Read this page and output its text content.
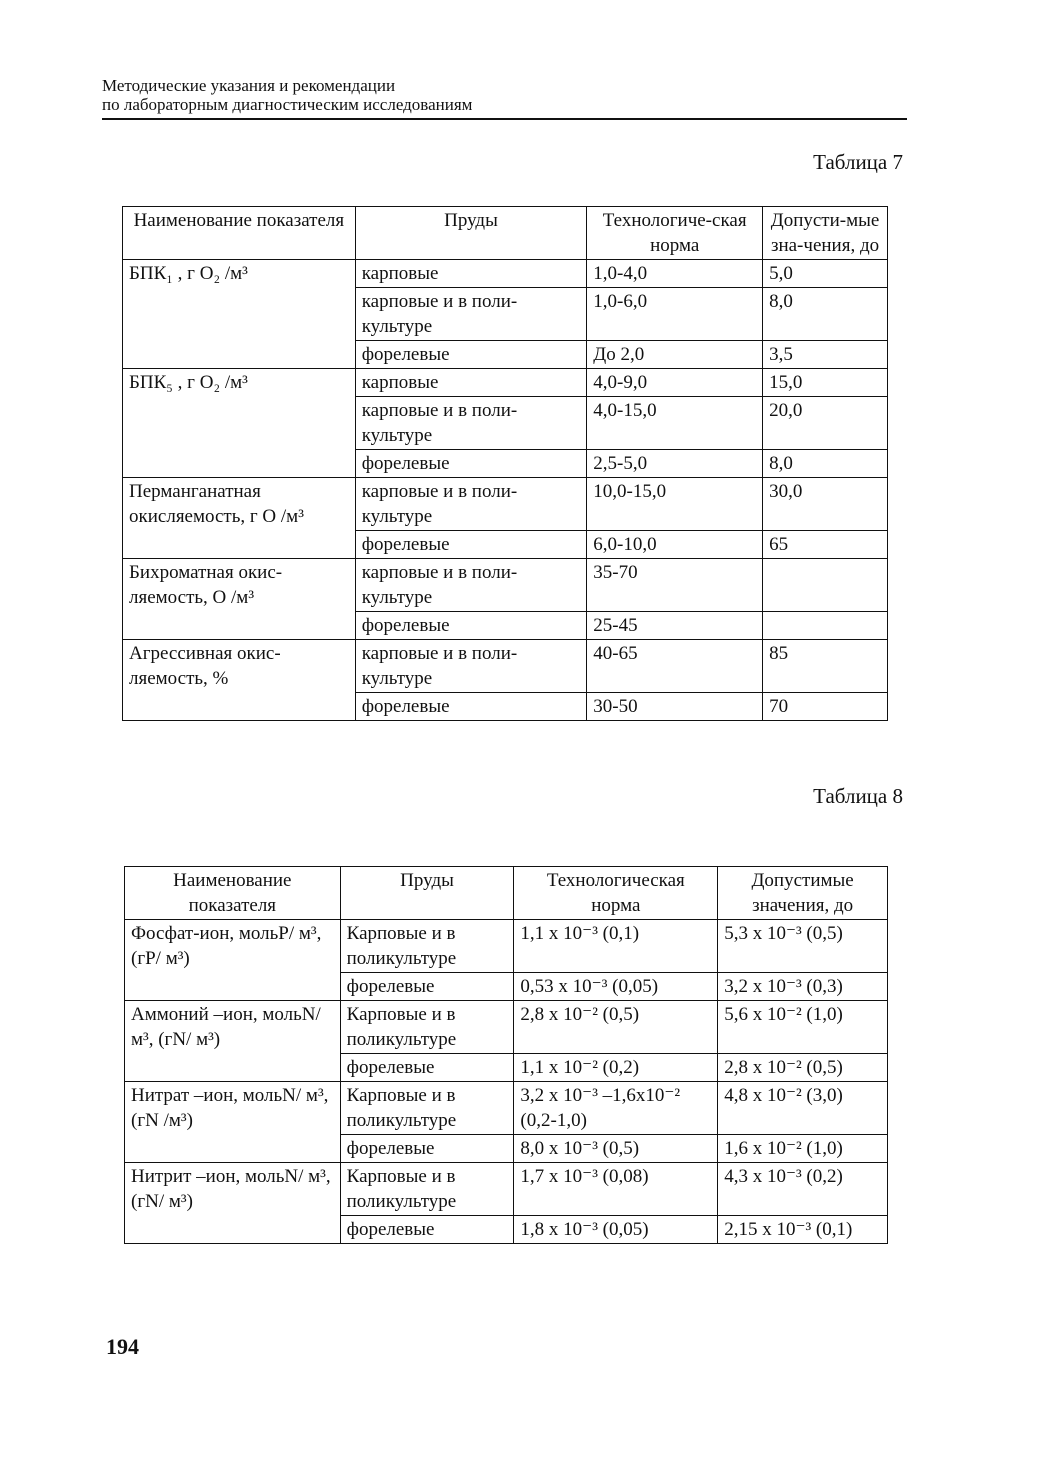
Методические указания и рекомендации
по лабораторным диагностическим исследованиям
Таблица 7
Наименование показателя	Пруды	Технологиче-ская норма	Допусти-мые зна-чения, до
БПК₁ , г O₂ /м³	карповые	1,0-4,0	5,0
	карповые и в поли-культуре	1,0-6,0	8,0
	форелевые	До 2,0	3,5
БПК₅ , г O₂ /м³	карповые	4,0-9,0	15,0
	карповые и в поли-культуре	4,0-15,0	20,0
	форелевые	2,5-5,0	8,0
Перманганатная окисляемость, г О /м³	карповые и в поли-культуре	10,0-15,0	30,0
	форелевые	6,0-10,0	65
Бихроматная окис-ляемость, О /м³	карповые и в поли-культуре	35-70	
	форелевые	25-45	
Агрессивная окис-ляемость, %	карповые и в поли-культуре	40-65	85
	форелевые	30-50	70
Таблица 8
Наименование показателя	Пруды	Технологическая норма	Допустимые значения, до
Фосфат-ион, мольР/ м³, (гР/ м³)	Карповые и в поликультуре	1,1 х 10⁻³ (0,1)	5,3 х 10⁻³ (0,5)
	форелевые	0,53 х 10⁻³ (0,05)	3,2 х 10⁻³ (0,3)
Аммоний –ион, мольN/ м³, (гN/ м³)	Карповые и в поликультуре	2,8 х 10⁻² (0,5)	5,6 х 10⁻² (1,0)
	форелевые	1,1 х 10⁻² (0,2)	2,8 х 10⁻² (0,5)
Нитрат –ион, мольN/ м³, (гN /м³)	Карповые и в поликультуре	3,2 х 10⁻³ –1,6х10⁻² (0,2-1,0)	4,8 х 10⁻² (3,0)
	форелевые	8,0 х 10⁻³ (0,5)	1,6 х 10⁻² (1,0)
Нитрит –ион, мольN/ м³, (гN/ м³)	Карповые и в поликультуре	1,7 х 10⁻³ (0,08)	4,3 х 10⁻³ (0,2)
	форелевые	1,8 х 10⁻³ (0,05)	2,15 х 10⁻³ (0,1)
194
